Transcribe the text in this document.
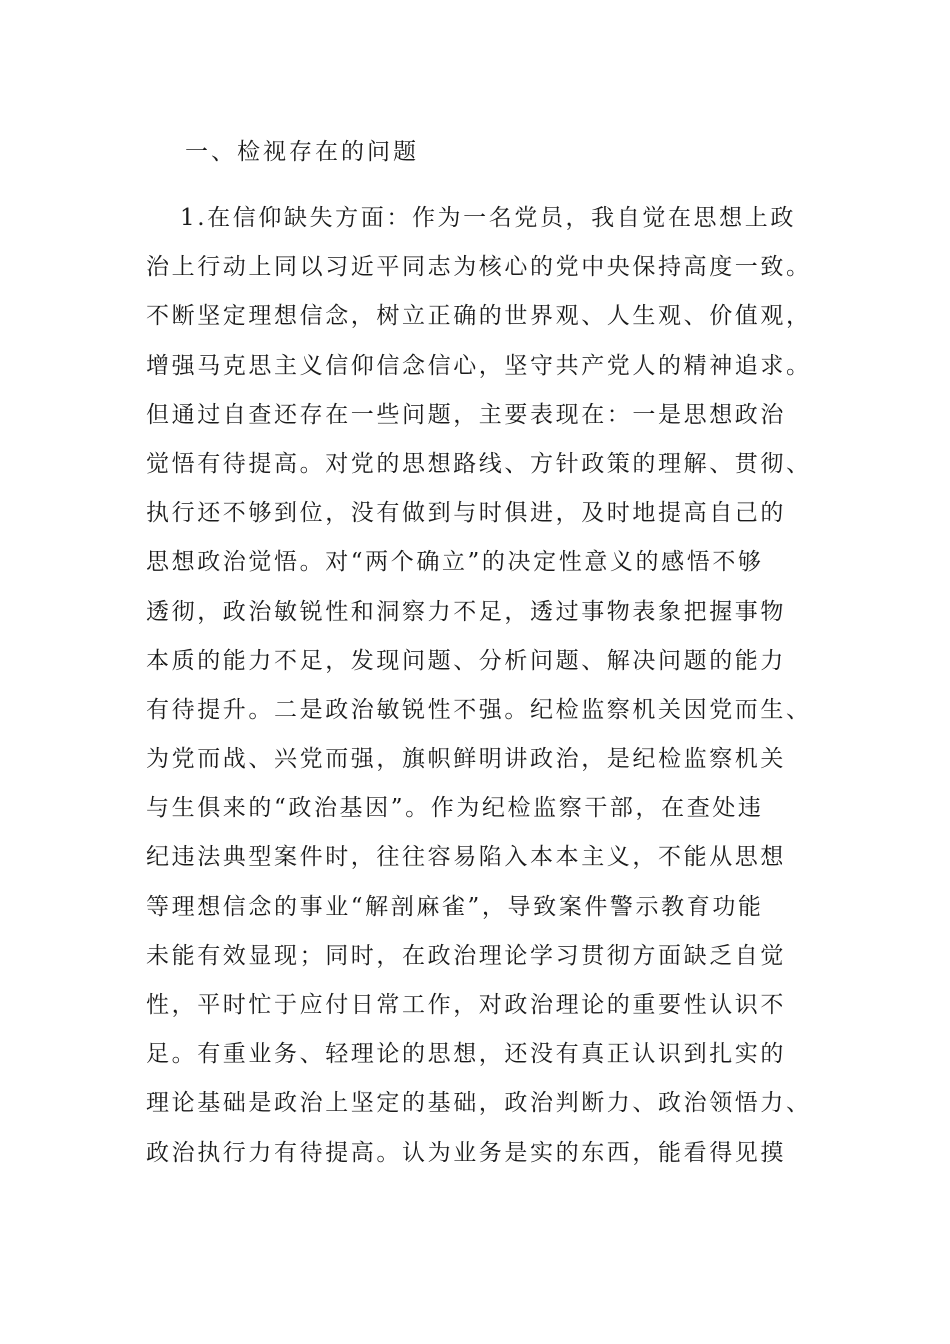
一、检视存在的问题
1.在信仰缺失方面：作为一名党员，我自觉在思想上政
治上行动上同以习近平同志为核心的党中央保持高度一致。
不断坚定理想信念，树立正确的世界观、人生观、价值观，
增强马克思主义信仰信念信心，坚守共产党人的精神追求。
但通过自查还存在一些问题，主要表现在：一是思想政治
觉悟有待提高。对党的思想路线、方针政策的理解、贯彻、
执行还不够到位，没有做到与时俱进，及时地提高自己的
思想政治觉悟。对“两个确立”的决定性意义的感悟不够
透彻，政治敏锐性和洞察力不足，透过事物表象把握事物
本质的能力不足，发现问题、分析问题、解决问题的能力
有待提升。二是政治敏锐性不强。纪检监察机关因党而生、
为党而战、兴党而强，旗帜鲜明讲政治，是纪检监察机关
与生俱来的“政治基因”。作为纪检监察干部，在查处违
纪违法典型案件时，往往容易陷入本本主义，不能从思想
等理想信念的事业“解剖麻雀”，导致案件警示教育功能
未能有效显现；同时，在政治理论学习贯彻方面缺乏自觉
性，平时忙于应付日常工作，对政治理论的重要性认识不
足。有重业务、轻理论的思想，还没有真正认识到扎实的
理论基础是政治上坚定的基础，政治判断力、政治领悟力、
政治执行力有待提高。认为业务是实的东西，能看得见摸
